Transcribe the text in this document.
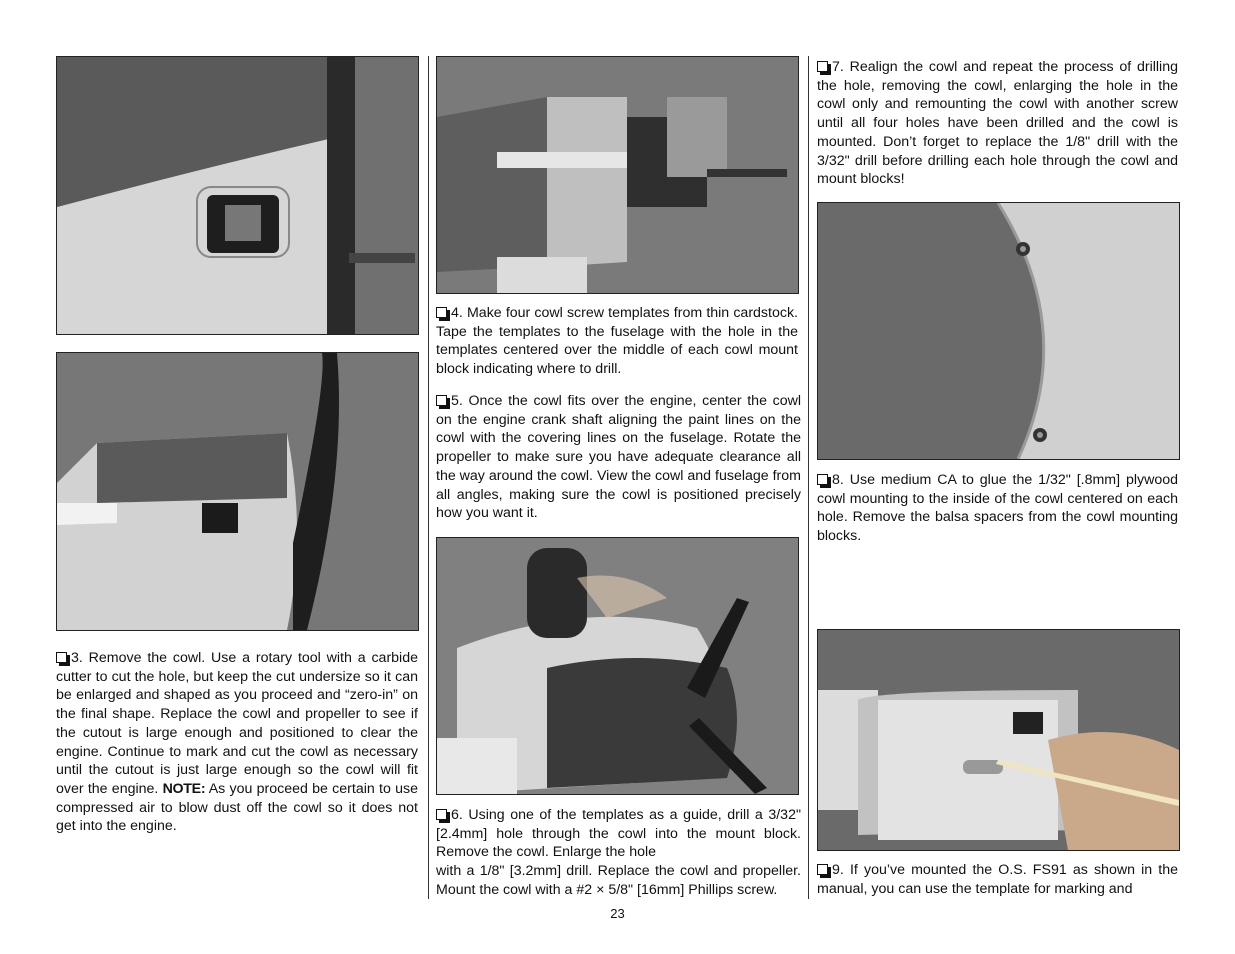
3. Remove the cowl. Use a rotary tool with a carbide cutter to cut the hole, but keep the cut undersize so it can be enlarged and shaped as you proceed and “zero-in” on the final shape. Replace the cowl and propeller to see if the cutout is large enough and positioned to clear the engine. Continue to mark and cut the cowl as necessary until the cutout is just large enough so the cowl will fit over the engine. NOTE: As you proceed be certain to use compressed air to blow dust off the cowl so it does not get into the engine.

4. Make four cowl screw templates from thin cardstock. Tape the templates to the fuselage with the hole in the templates centered over the middle of each cowl mount block indicating where to drill.

5. Once the cowl fits over the engine, center the cowl on the engine crank shaft aligning the paint lines on the cowl with the covering lines on the fuselage. Rotate the propeller to make sure you have adequate clearance all the way around the cowl. View the cowl and fuselage from all angles, making sure the cowl is positioned precisely how you want it.

6. Using one of the templates as a guide, drill a 3/32" [2.4mm] hole through the cowl into the mount block. Remove the cowl. Enlarge the hole
with a 1/8" [3.2mm] drill. Replace the cowl and propeller. Mount the cowl with a #2 × 5/8" [16mm] Phillips screw.

7. Realign the cowl and repeat the process of drilling the hole, removing the cowl, enlarging the hole in the cowl only and remounting the cowl with another screw until all four holes have been drilled and the cowl is mounted. Don’t forget to replace the 1/8" drill with the 3/32" drill before drilling each hole through the cowl and mount blocks!

8. Use medium CA to glue the 1/32" [.8mm] plywood cowl mounting to the inside of the cowl centered on each hole. Remove the balsa spacers from the cowl mounting blocks.

9. If you’ve mounted the O.S. FS91 as shown in the manual, you can use the template for marking and

23
